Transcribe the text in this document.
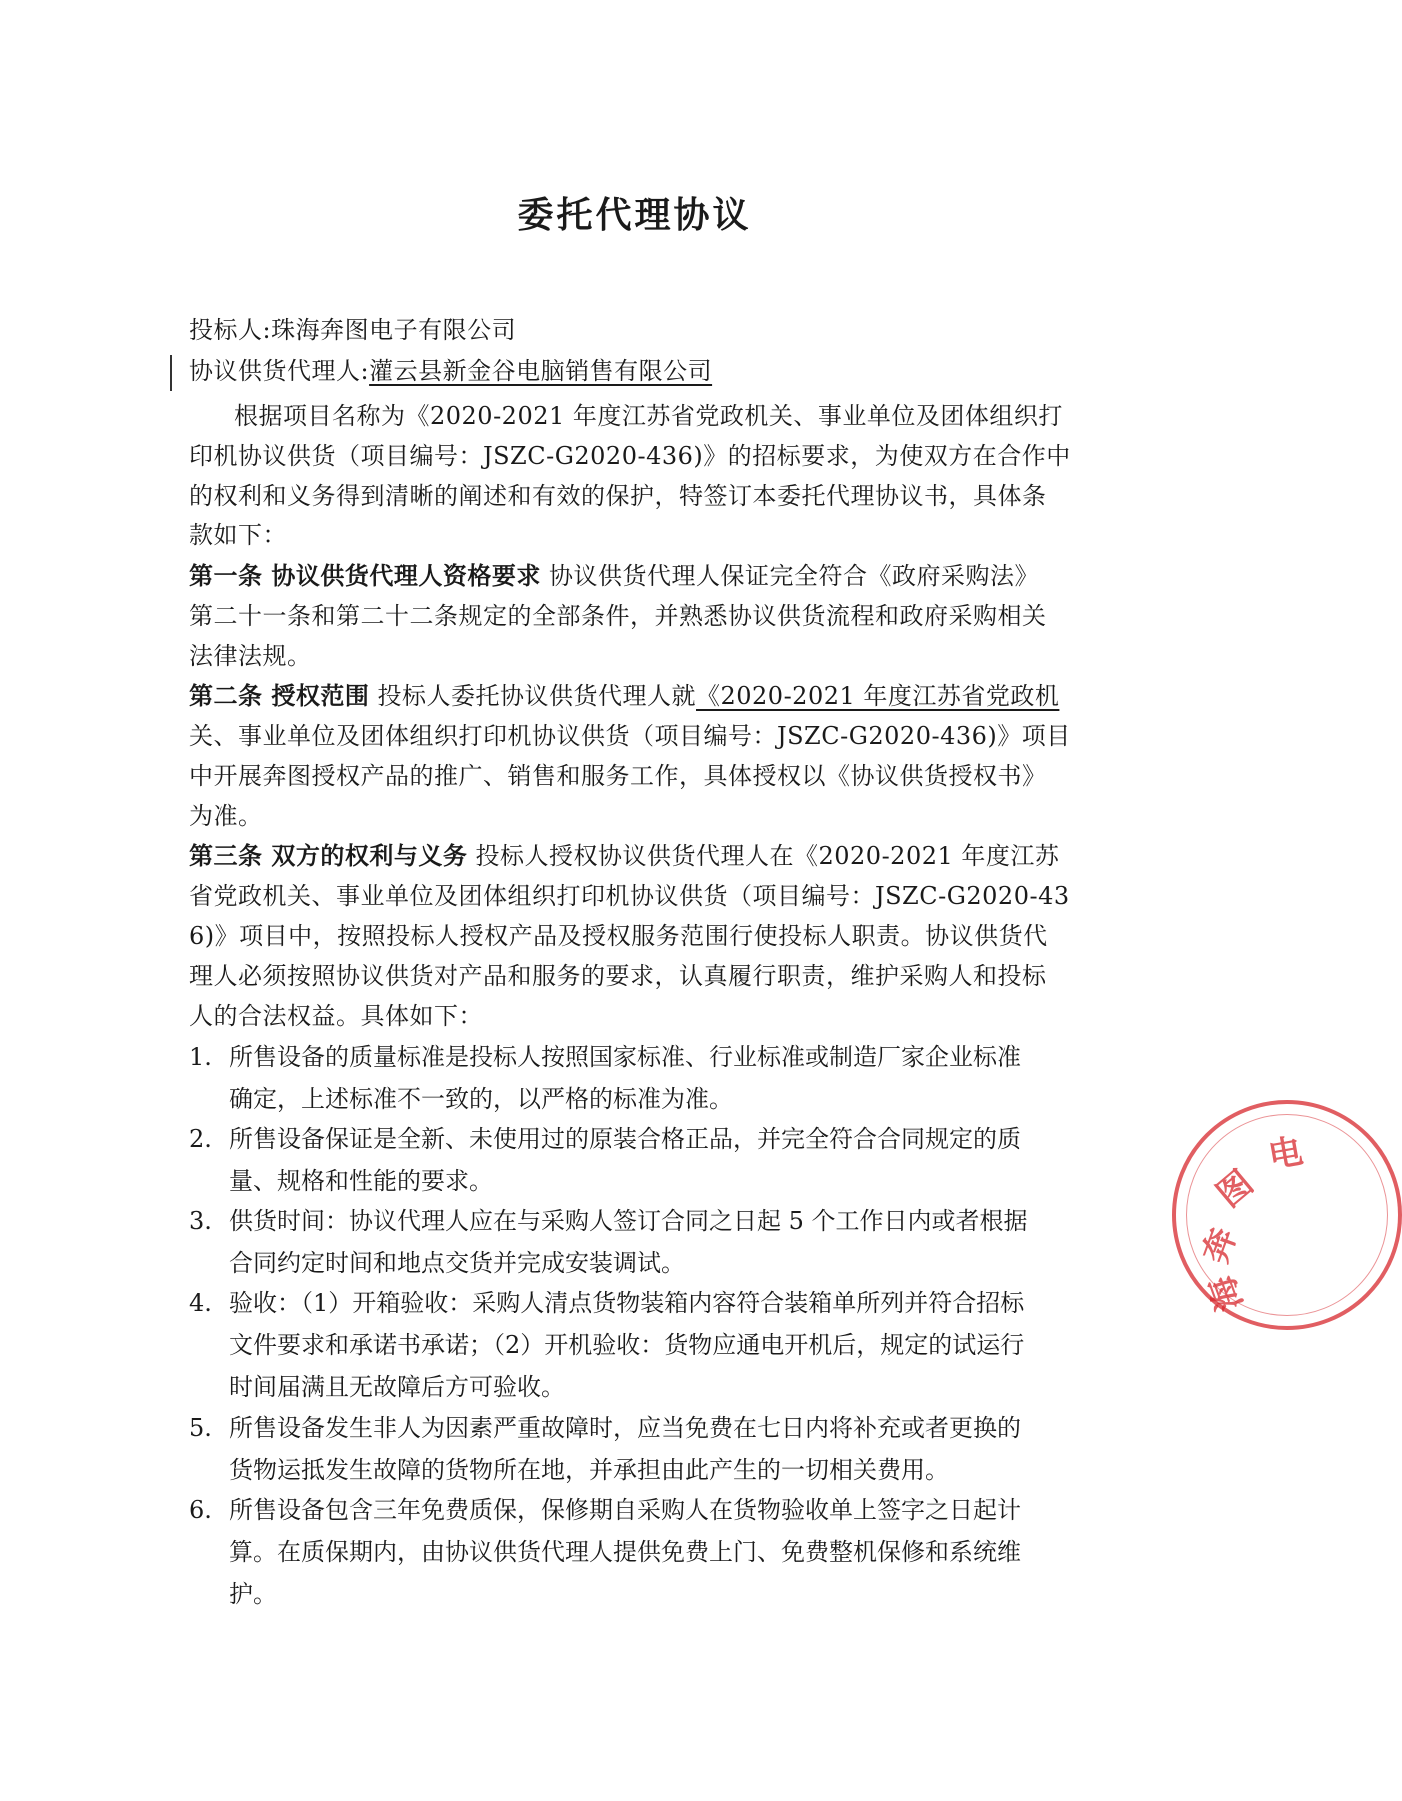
委托代理协议
投标人:珠海奔图电子有限公司
协议供货代理人:灌云县新金谷电脑销售有限公司
根据项目名称为《2020-2021 年度江苏省党政机关、事业单位及团体组织打
印机协议供货（项目编号：JSZC-G2020-436)》的招标要求，为使双方在合作中
的权利和义务得到清晰的阐述和有效的保护，特签订本委托代理协议书，具体条
款如下：
第一条 协议供货代理人资格要求 协议供货代理人保证完全符合《政府采购法》
第二十一条和第二十二条规定的全部条件，并熟悉协议供货流程和政府采购相关
法律法规。
第二条 授权范围 投标人委托协议供货代理人就《2020-2021 年度江苏省党政机
关、事业单位及团体组织打印机协议供货（项目编号：JSZC-G2020-436)》项目
中开展奔图授权产品的推广、销售和服务工作，具体授权以《协议供货授权书》
为准。
第三条 双方的权利与义务 投标人授权协议供货代理人在《2020-2021 年度江苏
省党政机关、事业单位及团体组织打印机协议供货（项目编号：JSZC-G2020-43
6)》项目中，按照投标人授权产品及授权服务范围行使投标人职责。协议供货代
理人必须按照协议供货对产品和服务的要求，认真履行职责，维护采购人和投标
人的合法权益。具体如下：
1. 所售设备的质量标准是投标人按照国家标准、行业标准或制造厂家企业标准
确定，上述标准不一致的，以严格的标准为准。
2. 所售设备保证是全新、未使用过的原装合格正品，并完全符合合同规定的质
量、规格和性能的要求。
3. 供货时间：协议代理人应在与采购人签订合同之日起 5 个工作日内或者根据
合同约定时间和地点交货并完成安装调试。
4. 验收：（1）开箱验收：采购人清点货物装箱内容符合装箱单所列并符合招标
文件要求和承诺书承诺；（2）开机验收：货物应通电开机后，规定的试运行
时间届满且无故障后方可验收。
5. 所售设备发生非人为因素严重故障时，应当免费在七日内将补充或者更换的
货物运抵发生故障的货物所在地，并承担由此产生的一切相关费用。
6. 所售设备包含三年免费质保，保修期自采购人在货物验收单上签字之日起计
算。在质保期内，由协议供货代理人提供免费上门、免费整机保修和系统维
护。
奔
图
电
海
